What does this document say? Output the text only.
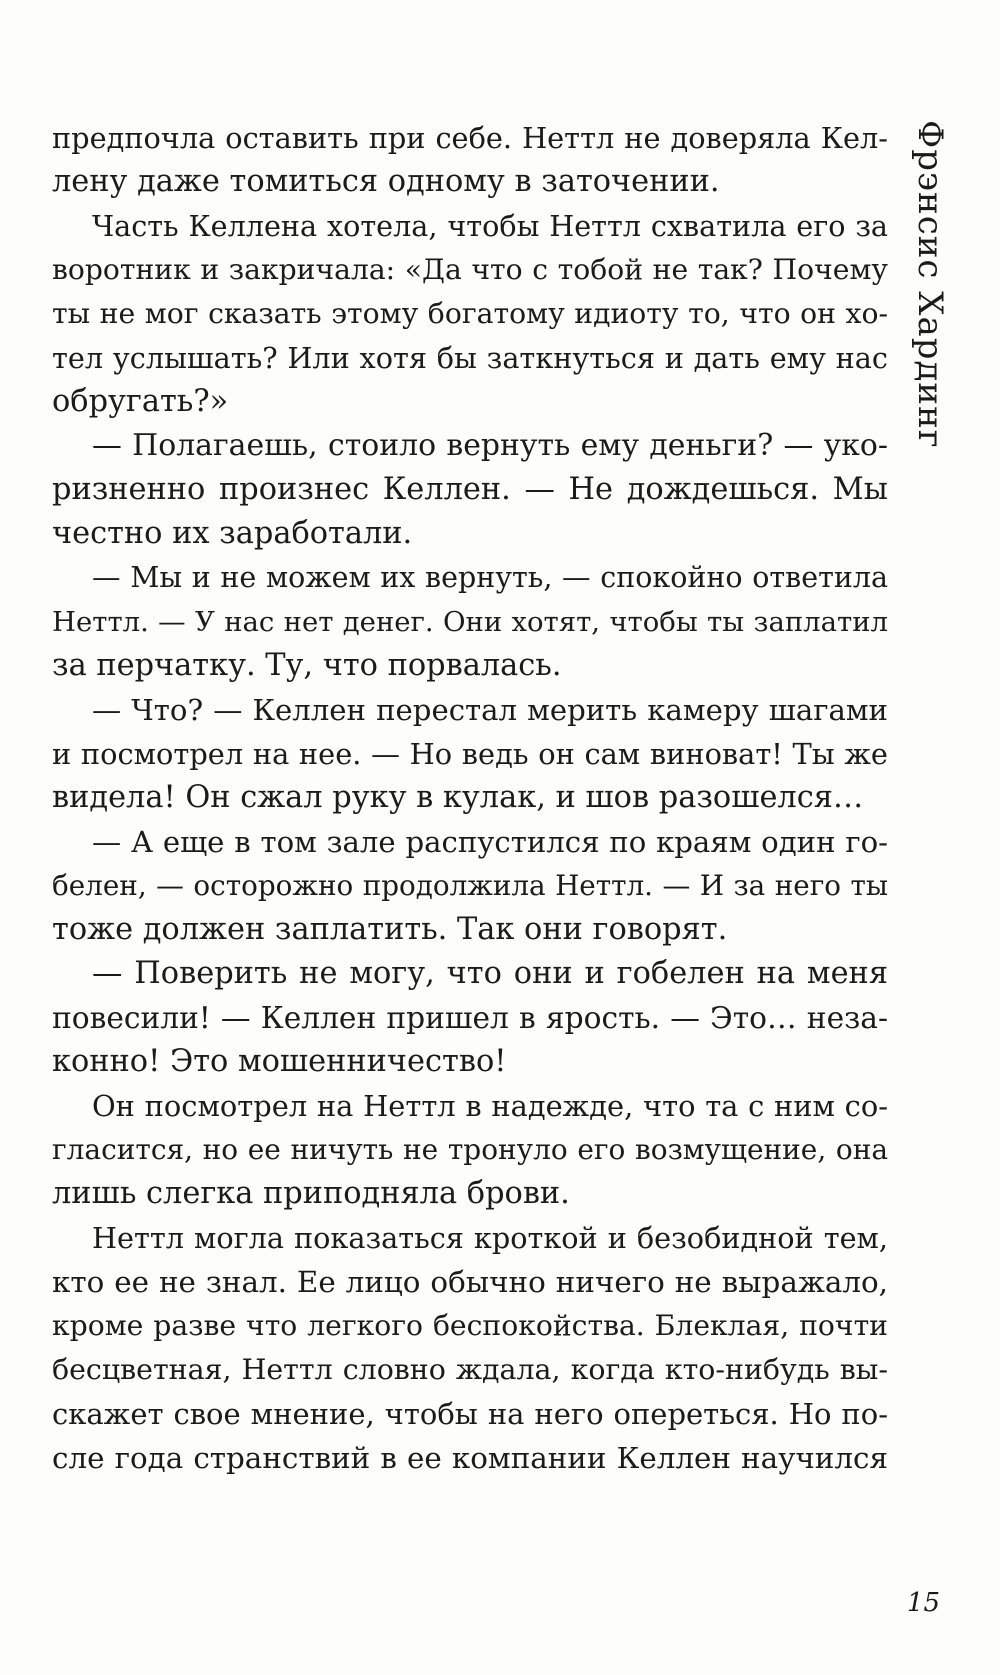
предпочла оставить при себе. Неттл не доверяла Кел-
лену даже томиться одному в заточении.
Часть Келлена хотела, чтобы Неттл схватила его за
воротник и закричала: «Да что с тобой не так? Почему
ты не мог сказать этому богатому идиоту то, что он хо-
тел услышать? Или хотя бы заткнуться и дать ему нас
обругать?»
— Полагаешь, стоило вернуть ему деньги? — уко-
ризненно произнес Келлен. — Не дождешься. Мы
честно их заработали.
— Мы и не можем их вернуть, — спокойно ответила
Неттл. — У нас нет денег. Они хотят, чтобы ты заплатил
за перчатку. Ту, что порвалась.
— Что? — Келлен перестал мерить камеру шагами
и посмотрел на нее. — Но ведь он сам виноват! Ты же
видела! Он сжал руку в кулак, и шов разошелся…
— А еще в том зале распустился по краям один го-
белен, — осторожно продолжила Неттл. — И за него ты
тоже должен заплатить. Так они говорят.
— Поверить не могу, что они и гобелен на меня
повесили! — Келлен пришел в ярость. — Это… неза-
конно! Это мошенничество!
Он посмотрел на Неттл в надежде, что та с ним со-
гласится, но ее ничуть не тронуло его возмущение, она
лишь слегка приподняла брови.
Неттл могла показаться кроткой и безобидной тем,
кто ее не знал. Ее лицо обычно ничего не выражало,
кроме разве что легкого беспокойства. Блеклая, почти
бесцветная, Неттл словно ждала, когда кто-нибудь вы-
скажет свое мнение, чтобы на него опереться. Но по-
сле года странствий в ее компании Келлен научился
Фрэнсис Хардинг
15
